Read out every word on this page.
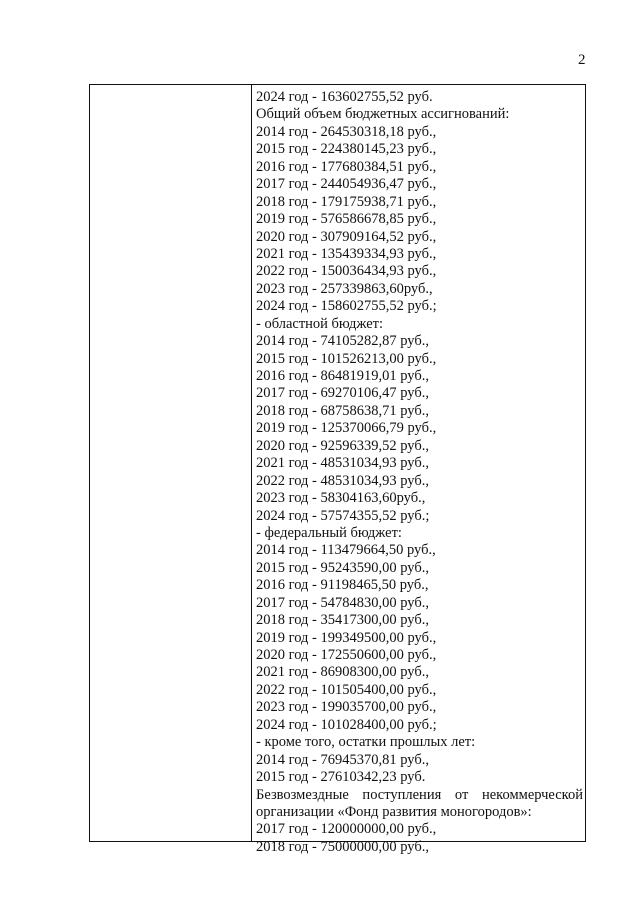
2
2024 год - 163602755,52 руб.
Общий объем бюджетных ассигнований:
2014 год - 264530318,18 руб.,
2015 год - 224380145,23 руб.,
2016 год - 177680384,51 руб.,
2017 год - 244054936,47 руб.,
2018 год - 179175938,71 руб.,
2019 год - 576586678,85 руб.,
2020 год - 307909164,52 руб.,
2021 год - 135439334,93 руб.,
2022 год - 150036434,93 руб.,
2023 год - 257339863,60руб.,
2024 год - 158602755,52 руб.;
- областной бюджет:
2014 год - 74105282,87 руб.,
2015 год - 101526213,00 руб.,
2016 год - 86481919,01 руб.,
2017 год - 69270106,47 руб.,
2018 год - 68758638,71 руб.,
2019 год - 125370066,79 руб.,
2020 год - 92596339,52 руб.,
2021 год - 48531034,93 руб.,
2022 год - 48531034,93 руб.,
2023 год - 58304163,60руб.,
2024 год - 57574355,52 руб.;
- федеральный бюджет:
2014 год - 113479664,50 руб.,
2015 год - 95243590,00 руб.,
2016 год - 91198465,50 руб.,
2017 год - 54784830,00 руб.,
2018 год - 35417300,00 руб.,
2019 год - 199349500,00 руб.,
2020 год - 172550600,00 руб.,
2021 год - 86908300,00 руб.,
2022 год - 101505400,00 руб.,
2023 год - 199035700,00 руб.,
2024 год - 101028400,00 руб.;
- кроме того, остатки прошлых лет:
2014 год - 76945370,81 руб.,
2015 год - 27610342,23 руб.
Безвозмездные поступления от некоммерческой
организации «Фонд развития моногородов»:
2017 год - 120000000,00 руб.,
2018 год - 75000000,00 руб.,
